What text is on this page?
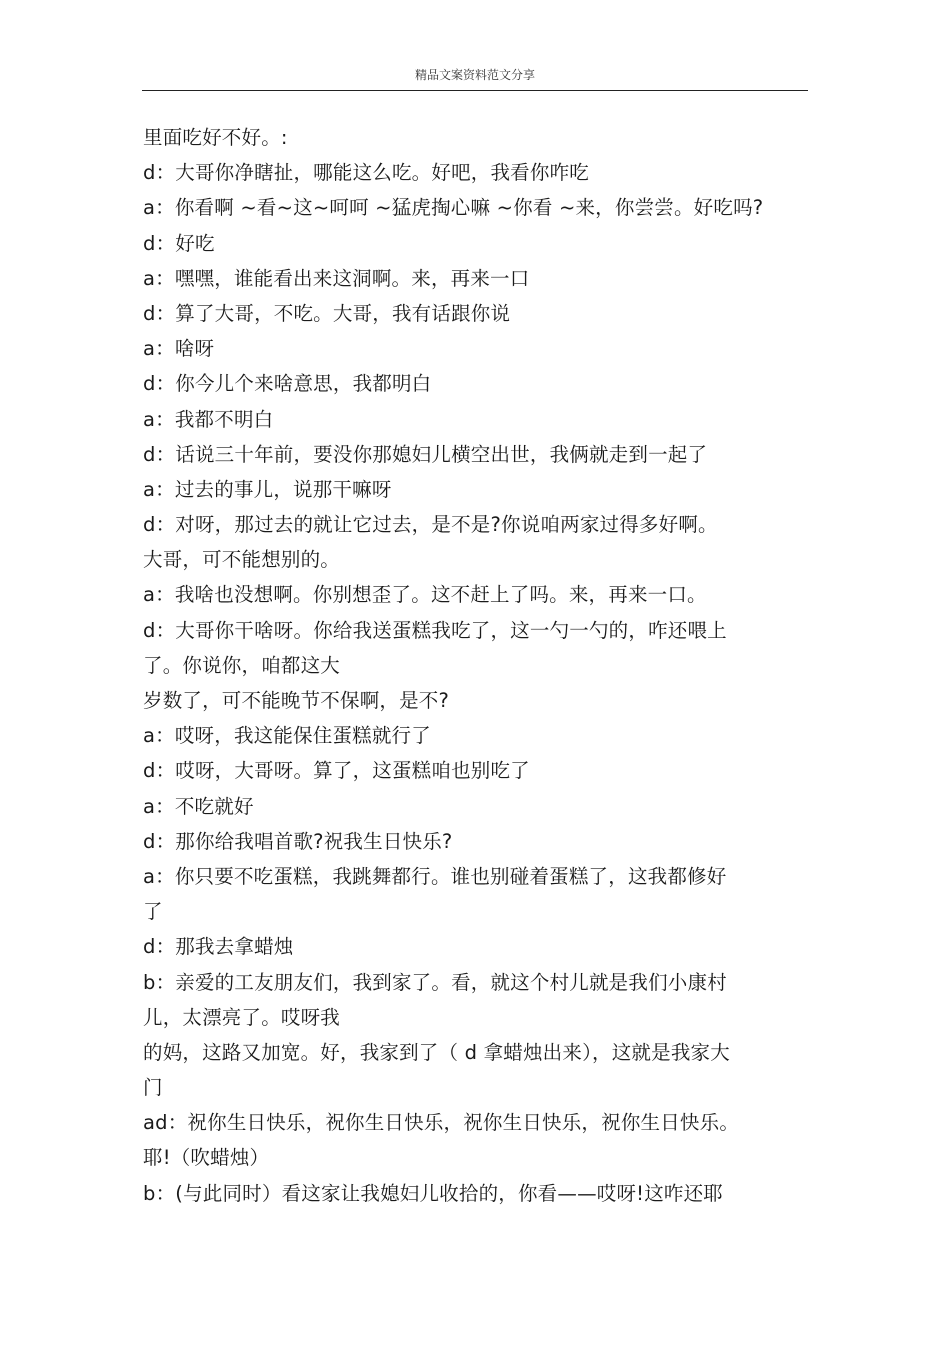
精品文案资料范文分享
里面吃好不好。:
d：大哥你净瞎扯，哪能这么吃。好吧，我看你咋吃
a：你看啊 ~看~这~呵呵 ~猛虎掏心嘛 ~你看 ~来，你尝尝。好吃吗?
d：好吃
a：嘿嘿，谁能看出来这洞啊。来，再来一口
d：算了大哥，不吃。大哥，我有话跟你说
a：啥呀
d：你今儿个来啥意思，我都明白
a：我都不明白
d：话说三十年前，要没你那媳妇儿横空出世，我俩就走到一起了
a：过去的事儿，说那干嘛呀
d：对呀，那过去的就让它过去，是不是?你说咱两家过得多好啊。
大哥，可不能想别的。
a：我啥也没想啊。你别想歪了。这不赶上了吗。来，再来一口。
d：大哥你干啥呀。你给我送蛋糕我吃了，这一勺一勺的，咋还喂上
了。你说你，咱都这大
岁数了，可不能晚节不保啊，是不?
a：哎呀，我这能保住蛋糕就行了
d：哎呀，大哥呀。算了，这蛋糕咱也别吃了
a：不吃就好
d：那你给我唱首歌?祝我生日快乐?
a：你只要不吃蛋糕，我跳舞都行。谁也别碰着蛋糕了，这我都修好
了
d：那我去拿蜡烛
b：亲爱的工友朋友们，我到家了。看，就这个村儿就是我们小康村
儿，太漂亮了。哎呀我
的妈，这路又加宽。好，我家到了（ d 拿蜡烛出来），这就是我家大
门
ad：祝你生日快乐，祝你生日快乐，祝你生日快乐，祝你生日快乐。
耶!（吹蜡烛）
b：(与此同时）看这家让我媳妇儿收拾的，你看——哎呀!这咋还耶
